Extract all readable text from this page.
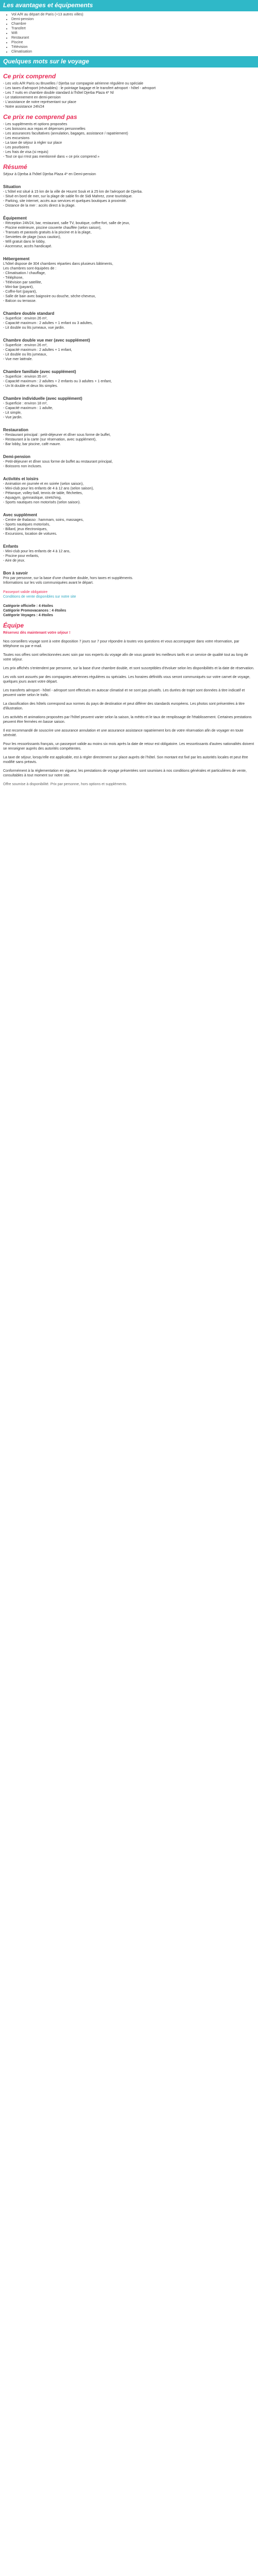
Les avantages et équipements
• Vol A/R au départ de Paris (+13 autres villes)
• Demi-pension
• Chambre
• Transfert
• Wifi
• Restaurant
• Piscine
• Télévision
• Climatisation
Quelques mots sur le voyage
Ce prix comprend
- Les vols A/R Paris ou Bruxelles / Djerba sur compagnie aérienne régulière ou spéciale
- Les taxes d'aéroport (révisables) : le pointage bagage et le transfert aéroport - hôtel - aéroport
- Les 7 nuits en chambre double standard à l'hôtel Djerba Plaza 4* Nl
- Le stationnement en demi-pension
- L'assistance de notre représentant sur place
- Notre assistance 24h/24
Ce prix ne comprend pas
- Les suppléments et options proposées
- Les boissons aux repas et dépenses personnelles
- Les assurances facultatives (annulation, bagages, assistance / rapatriement)
- Les excursions
- La taxe de séjour à régler sur place
- Les pourboires
- Les frais de visa (si requis)
- Tout ce qui n'est pas mentionné dans « ce prix comprend »
Résumé
Séjour à Djerba à l'hôtel Djerba Plaza 4* en Demi-pension
Situation
- L'hôtel est situé à 15 km de la ville de Houmt Souk et à 25 km de l'aéroport de Djerba.
- Situé en bord de mer, sur la plage de sable fin de Sidi Mahrez, zone touristique.
- Parking, site internet, accès aux services et quelques boutiques à proximité.
- Distance de la mer : accès direct à la plage.
Équipement
- Réception 24h/24, bar, restaurant, salle TV, boutique, coffre-fort, salle de jeux,
- Piscine extérieure, piscine couverte chauffée (selon saison),
- Transats et parasols gratuits à la piscine et à la plage,
- Serviettes de plage (sous caution),
- Wifi gratuit dans le lobby,
- Ascenseur, accès handicapé.
Hébergement
L'hôtel dispose de 304 chambres réparties dans plusieurs bâtiments,
Les chambres sont équipées de :
- Climatisation / chauffage,
- Téléphone,
- Télévision par satellite,
- Mini-bar (payant),
- Coffre-fort (payant),
- Salle de bain avec baignoire ou douche, sèche-cheveux,
- Balcon ou terrasse.
Chambre double standard
- Superficie : environ 26 m²,
- Capacité maximum : 2 adultes + 1 enfant ou 3 adultes,
- Lit double ou lits jumeaux, vue jardin.
Chambre double vue mer (avec supplément)
- Superficie : environ 26 m²,
- Capacité maximum : 2 adultes + 1 enfant,
- Lit double ou lits jumeaux,
- Vue mer latérale.
Chambre familiale (avec supplément)
- Superficie : environ 35 m²,
- Capacité maximum : 2 adultes + 2 enfants ou 3 adultes + 1 enfant,
- Un lit double et deux lits simples.
Chambre individuelle (avec supplément)
- Superficie : environ 18 m²,
- Capacité maximum : 1 adulte,
- Lit simple,
- Vue jardin.
Restauration
- Restaurant principal : petit-déjeuner et dîner sous forme de buffet,
- Restaurant à la carte (sur réservation, avec supplément),
- Bar lobby, bar piscine, café maure.
Demi-pension
- Petit-déjeuner et dîner sous forme de buffet au restaurant principal,
- Boissons non incluses.
Activités et loisirs
- Animation en journée et en soirée (selon saison),
- Mini-club pour les enfants de 4 à 12 ans (selon saison),
- Pétanque, volley-ball, tennis de table, fléchettes,
- Aquagym, gymnastique, stretching,
- Sports nautiques non motorisés (selon saison).
Avec supplément
- Centre de thalasso : hammam, soins, massages,
- Sports nautiques motorisés,
- Billard, jeux électroniques,
- Excursions, location de voitures.
Enfants
- Mini-club pour les enfants de 4 à 12 ans,
- Piscine pour enfants,
- Aire de jeux.
Bon à savoir
Prix par personne, sur la base d'une chambre double, hors taxes et suppléments.
Informations sur les vols communiquées avant le départ.
Passeport valide obligatoire
Conditions de vente disponibles sur notre site
Catégorie officielle : 4 étoiles
Catégorie Promovacances : 4 étoiles
Catégorie Voyages : 4 étoiles
Équipe

Réservez dès maintenant votre séjour !

Nos conseillers voyage sont à votre disposition 7 jours sur 7 pour répondre à toutes vos questions et vous accompagner dans votre réservation, par téléphone ou par e-mail.

Toutes nos offres sont sélectionnées avec soin par nos experts du voyage afin de vous garantir les meilleurs tarifs et un service de qualité tout au long de votre séjour.

Les prix affichés s'entendent par personne, sur la base d'une chambre double, et sont susceptibles d'évoluer selon les disponibilités et la date de réservation.

Les vols sont assurés par des compagnies aériennes régulières ou spéciales. Les horaires définitifs vous seront communiqués sur votre carnet de voyage, quelques jours avant votre départ.

Les transferts aéroport - hôtel - aéroport sont effectués en autocar climatisé et ne sont pas privatifs. Les durées de trajet sont données à titre indicatif et peuvent varier selon le trafic.

La classification des hôtels correspond aux normes du pays de destination et peut différer des standards européens. Les photos sont présentées à titre d'illustration.

Les activités et animations proposées par l'hôtel peuvent varier selon la saison, la météo et le taux de remplissage de l'établissement. Certaines prestations peuvent être fermées en basse saison.

Il est recommandé de souscrire une assurance annulation et une assurance assistance rapatriement lors de votre réservation afin de voyager en toute sérénité.

Pour les ressortissants français, un passeport valide au moins six mois après la date de retour est obligatoire. Les ressortissants d'autres nationalités doivent se renseigner auprès des autorités compétentes.

La taxe de séjour, lorsqu'elle est applicable, est à régler directement sur place auprès de l'hôtel. Son montant est fixé par les autorités locales et peut être modifié sans préavis.

Conformément à la réglementation en vigueur, les prestations de voyage présentées sont soumises à nos conditions générales et particulières de vente, consultables à tout moment sur notre site.

Offre soumise à disponibilité. Prix par personne, hors options et suppléments.
